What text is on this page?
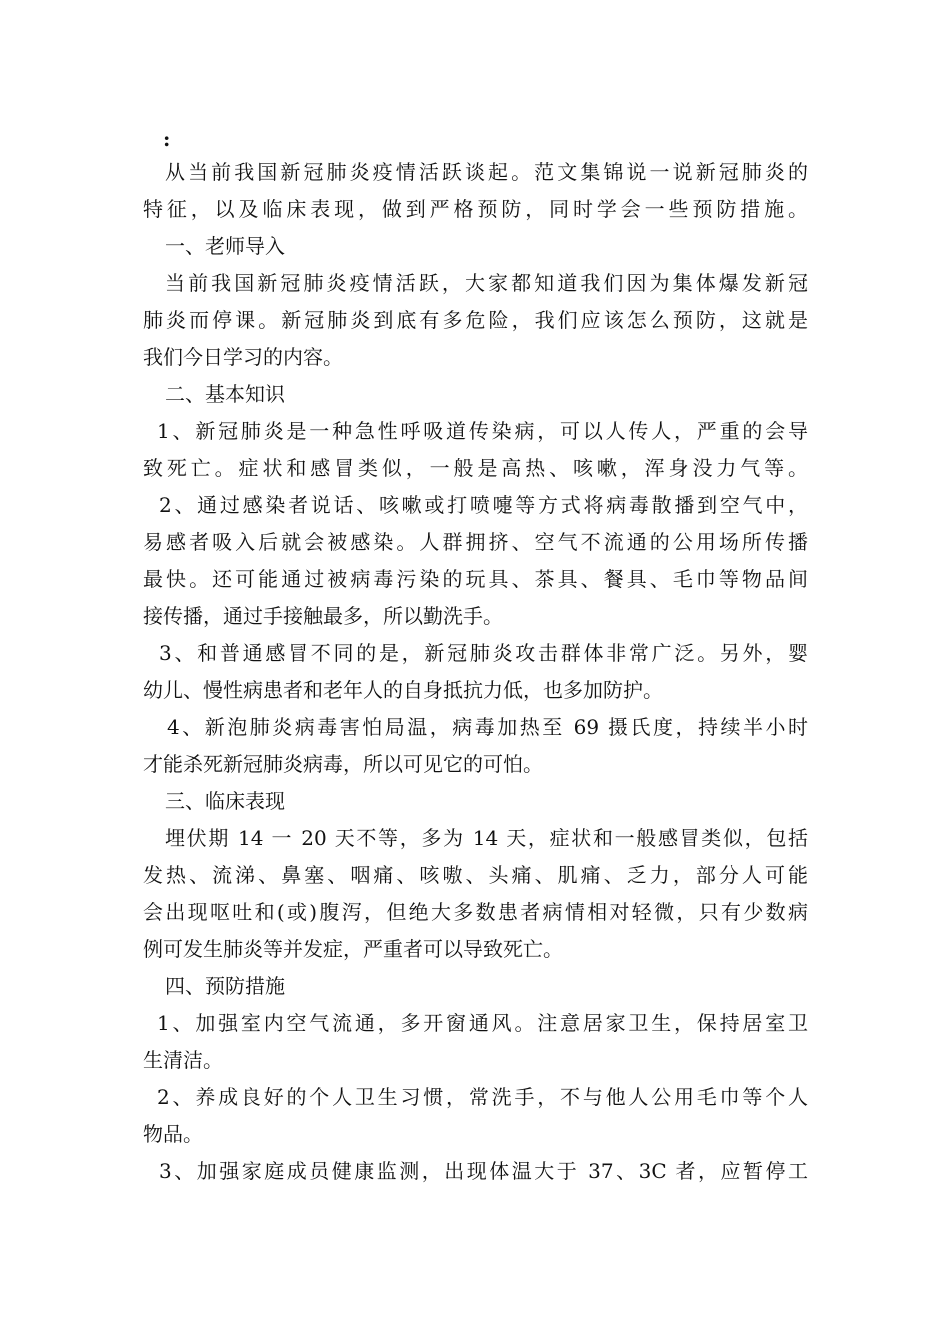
:
从当前我国新冠肺炎疫情活跃谈起。范文集锦说一说新冠肺炎的
特征，以及临床表现，做到严格预防，同时学会一些预防措施。
一、老师导入
当前我国新冠肺炎疫情活跃，大家都知道我们因为集体爆发新冠
肺炎而停课。新冠肺炎到底有多危险，我们应该怎么预防，这就是
我们今日学习的内容。
二、基本知识
1、新冠肺炎是一种急性呼吸道传染病，可以人传人，严重的会导
致死亡。症状和感冒类似，一般是高热、咳嗽，浑身没力气等。
2、通过感染者说话、咳嗽或打喷嚏等方式将病毒散播到空气中，
易感者吸入后就会被感染。人群拥挤、空气不流通的公用场所传播
最快。还可能通过被病毒污染的玩具、茶具、餐具、毛巾等物品间
接传播，通过手接触最多，所以勤洗手。
3、和普通感冒不同的是，新冠肺炎攻击群体非常广泛。另外，婴
幼儿、慢性病患者和老年人的自身抵抗力低，也多加防护。
4、新泡肺炎病毒害怕局温，病毒加热至 69 摄氏度，持续半小时
才能杀死新冠肺炎病毒，所以可见它的可怕。
三、临床表现
埋伏期 14 一 20 天不等，多为 14 天，症状和一般感冒类似，包括
发热、流涕、鼻塞、咽痛、咳嗷、头痛、肌痛、乏力，部分人可能
会出现呕吐和(或)腹泻，但绝大多数患者病情相对轻微，只有少数病
例可发生肺炎等并发症，严重者可以导致死亡。
四、预防措施
1、加强室内空气流通，多开窗通风。注意居家卫生，保持居室卫
生清洁。
2、养成良好的个人卫生习惯，常洗手，不与他人公用毛巾等个人
物品。
3、加强家庭成员健康监测，出现体温大于 37、3C 者，应暂停工
